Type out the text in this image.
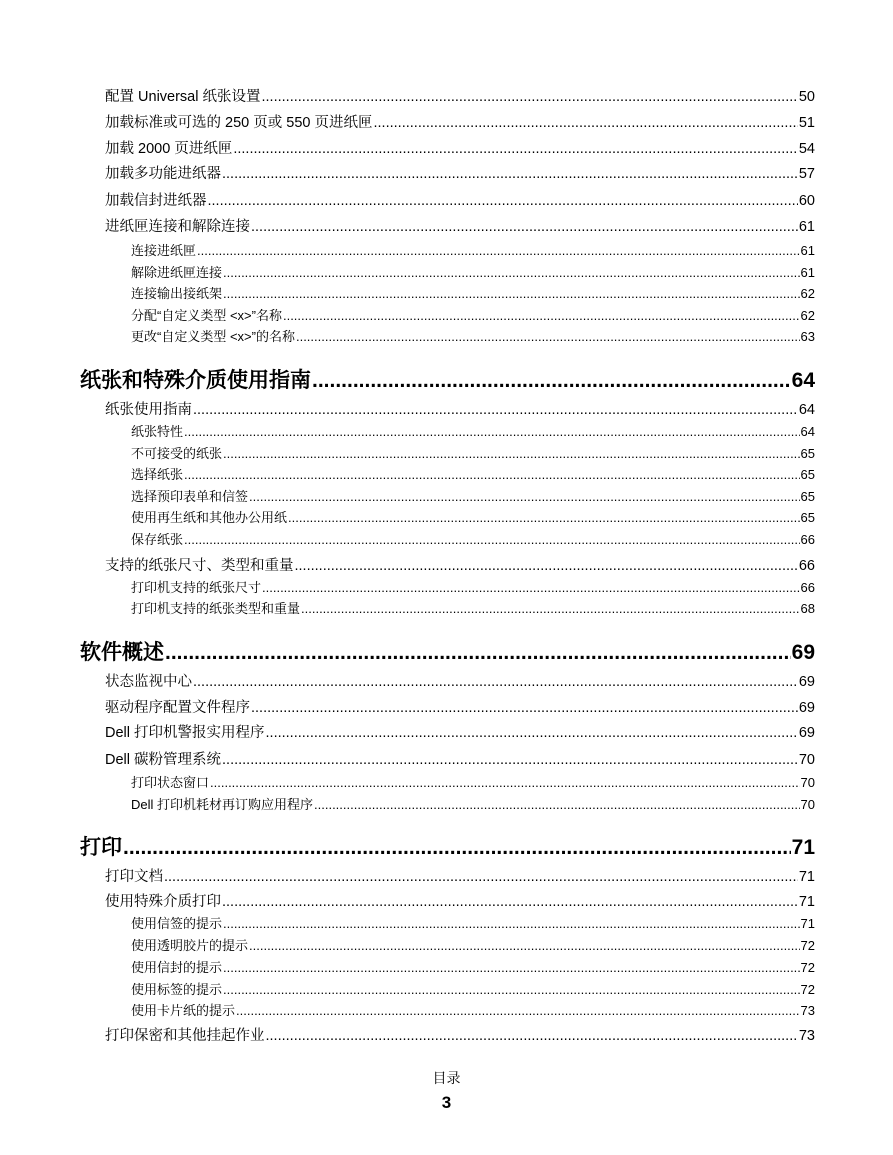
配置 Universal 纸张设置 .....	50
加载标准或可选的 250 页或 550 页进纸匣 .....	51
加载 2000 页进纸匣 .....	54
加载多功能进纸器 .....	57
加载信封进纸器 .....	60
进纸匣连接和解除连接 .....	61
连接进纸匣 .....	61
解除进纸匣连接 .....	61
连接输出接纸架 .....	62
分配“自定义类型 <x>”名称 .....	62
更改“自定义类型 <x>”的名称 .....	63
纸张和特殊介质使用指南 .....	64
纸张使用指南 .....	64
纸张特性 .....	64
不可接受的纸张 .....	65
选择纸张 .....	65
选择预印表单和信签 .....	65
使用再生纸和其他办公用纸 .....	65
保存纸张 .....	66
支持的纸张尺寸、类型和重量 .....	66
打印机支持的纸张尺寸 .....	66
打印机支持的纸张类型和重量 .....	68
软件概述 .....	69
状态监视中心 .....	69
驱动程序配置文件程序 .....	69
Dell 打印机警报实用程序 .....	69
Dell 碳粉管理系统 .....	70
打印状态窗口 .....	70
Dell 打印机耗材再订购应用程序 .....	70
打印 .....	71
打印文档 .....	71
使用特殊介质打印 .....	71
使用信签的提示 .....	71
使用透明胶片的提示 .....	72
使用信封的提示 .....	72
使用标签的提示 .....	72
使用卡片纸的提示 .....	73
打印保密和其他挂起作业 .....	73
目录
3
